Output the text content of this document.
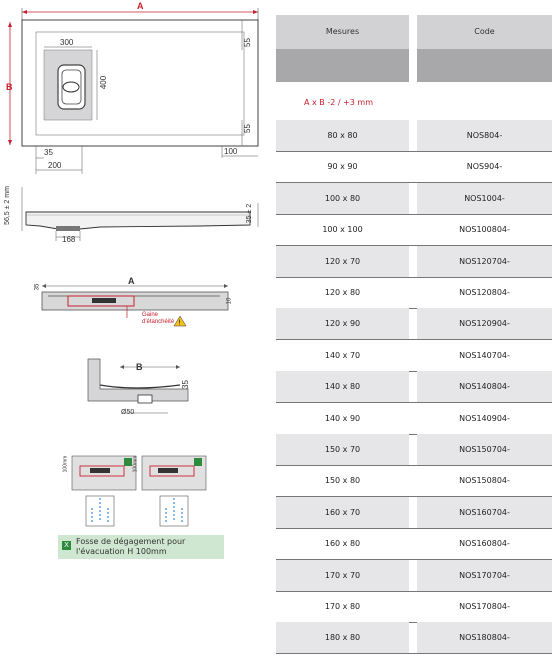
A
B
300
400
55
55
35
200
100
56,5 ± 2 mm	35 ± 2
168
!
A
35
10
Gaine
d'étanchéité
B
35
Ø50
100mm	100mm
X Fosse de dégagement pour
l'évacuation H 100mm
Mesures	Code
A x B -2 / +3 mm
80 x 80	NOS804-
90 x 90	NOS904-
100 x 80	NOS1004-
100 x 100	NOS100804-
120 x 70	NOS120704-
120 x 80	NOS120804-
120 x 90	NOS120904-
140 x 70	NOS140704-
140 x 80	NOS140804-
140 x 90	NOS140904-
150 x 70	NOS150704-
150 x 80	NOS150804-
160 x 70	NOS160704-
160 x 80	NOS160804-
170 x 70	NOS170704-
170 x 80	NOS170804-
180 x 80	NOS180804-
